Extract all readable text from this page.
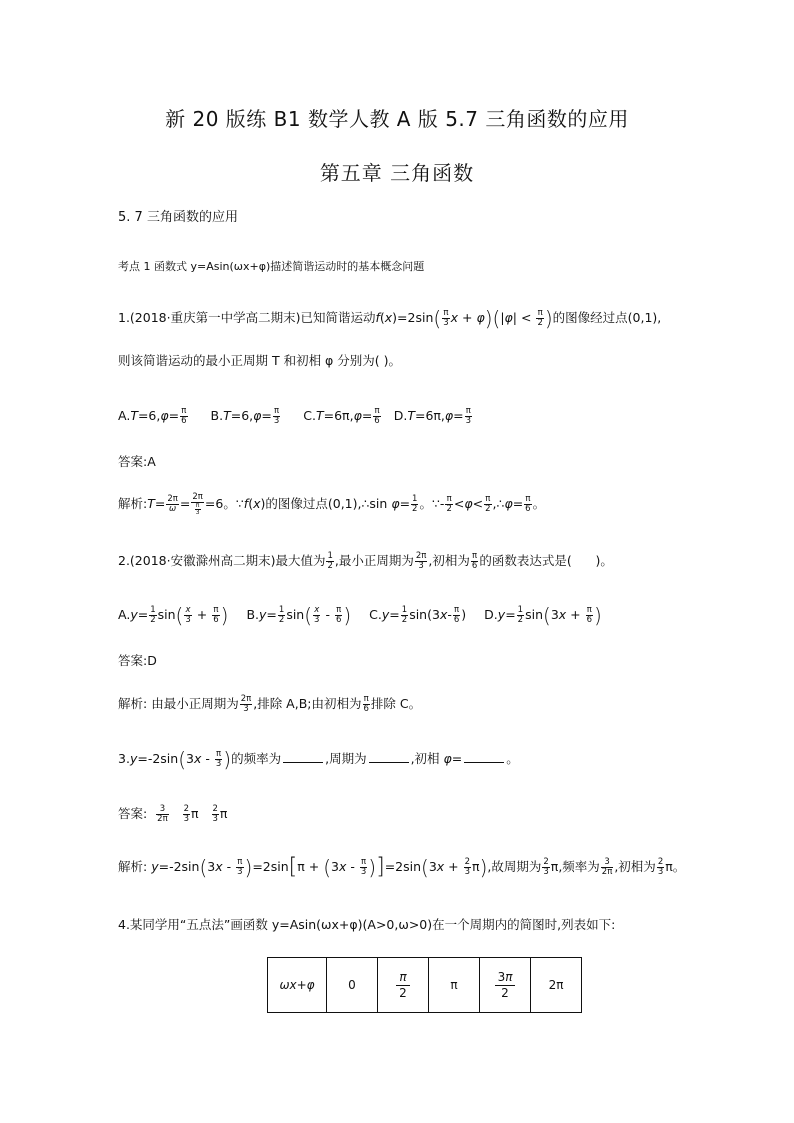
新 20 版练 B1 数学人教 A 版 5.7 三角函数的应用
第五章 三角函数
5. 7 三角函数的应用
考点 1 函数式 y=Asin(ωx+φ)描述简谐运动时的基本概念问题
1.(2018·重庆第一中学高二期末)已知简谐运动$f(x)=2\sin( \frac{\pi}{3}$ $x + \varphi)(|\varphi| < \frac{\pi}{2}$ )的图像经过点(0,1),
则该简谐运动的最小正周期 T 和初相 φ 分别为( )。
$A.T=6,\varphi= \frac{\pi}{6} B.T=6,\varphi= \frac{\pi}{3} C.T=6\pi,\varphi= \frac{\pi}{6} D.T=6\pi,\varphi= \frac{\pi}{3}$
答案:A
解析:T= $\frac{2\pi}{\omega} = \frac{2\pi}{\frac{\pi}{3}} =6$。∵f(x)的图像过点(0,1),∴sin $\varphi= \frac{1}{2}$ 。∵- $\frac{\pi}{2} <\varphi< \frac{\pi}{2}$ ,∴φ= $\frac{\pi}{6}$ 。
2.(2018·安徽滁州高二期末)最大值为 $\frac{1}{2}$ ,最小正周期为 $\frac{2\pi}{3}$ ,初相为 $\frac{\pi}{6}$ 的函数表达式是(      )。
$A.y= \frac{1}{2} \sin( \frac{x}{3} + \frac{\pi}{6}$ ) $B.y= \frac{1}{2} \sin( \frac{x}{3} - \frac{\pi}{6}$ ) $C.y= \frac{1}{2} \sin(3x- \frac{\pi}{6}$ ) $D.y= \frac{1}{2} \sin(3x + \frac{\pi}{6}$ )
答案:D
解析: 由最小正周期为 $\frac{2\pi}{3}$ ,排除 A,B;由初相为 $\frac{\pi}{6}$ 排除 C。
$3.y=-2\sin(3x - \frac{\pi}{3}$ )的频率为	,周期为	,初相 φ=	。
答案: $\frac{3}{2\pi}$
$\frac{2}{3}$ π $\frac{2}{3}$ π
解析: $y=-2\sin(3x - \frac{\pi}{3} )=2\sin[\pi + (3x - \frac{\pi}{3} )]=2\sin(3x + \frac{2}{3} \pi)$,故周期为 $\frac{2}{3} \pi$,频率为 $\frac{3}{2\pi}$ ,初相为 $\frac{2}{3}$ π。
4.某同学用“五点法”画函数 y=Asin(ωx+φ)(A>0,ω>0)在一个周期内的简图时,列表如下:
ωx+φ	0	$\frac{\pi}{2}$	π	$\frac{3\pi}{2}$	2π
